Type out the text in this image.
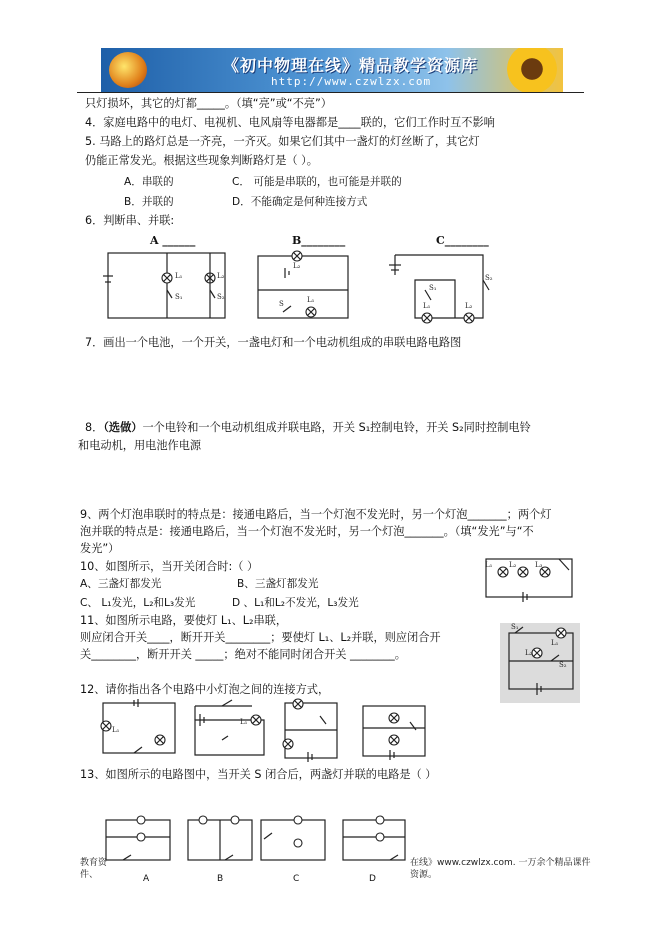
《初中物理在线》精品教学资源库
http://www.czwlzx.com
只灯损坏，其它的灯都_____。（填“亮”或“不亮”）
4．家庭电路中的电灯、电视机、电风扇等电器都是____联的，它们工作时互不影响
5. 马路上的路灯总是一齐亮，一齐灭。如果它们其中一盏灯的灯丝断了，其它灯
仍能正常发光。根据这些现象判断路灯是（ ）。
A．串联的	C． 可能是串联的，也可能是并联的
B．并联的	D．不能确定是何种连接方式
6．判断串、并联:
A ______	B________	C________
L₁	L₂
S₁	S₂
L₂
S	L₁
L₁	L₂
S₁
S₂
7．画出一个电池，一个开关，一盏电灯和一个电动机组成的串联电路电路图
8．（选做）一个电铃和一个电动机组成并联电路，开关 S₁控制电铃，开关 S₂同时控制电铃
和电动机，用电池作电源
9、两个灯泡串联时的特点是：接通电路后，当一个灯泡不发光时，另一个灯泡_______；两个灯
泡并联的特点是：接通电路后，当一个灯泡不发光时，另一个灯泡_______。（填“发光”与“不
发光”）
10、如图所示，当开关闭合时:（ ）
A、三盏灯都发光	B、三盏灯都发光
C、 L₁发光，L₂和L₃发光	D 、L₁和L₂不发光，L₃发光
L₁ L₂	L₃
11、如图所示电路，要使灯 L₁、L₂串联，
则应闭合开关____，断开开关________；要使灯 L₁、L₂并联，则应闭合开
关________，断开开关 _____；绝对不能同时闭合开关 ________。
S₁
L₁
L₂
S₂
12、请你指出各个电路中小灯泡之间的连接方式，
L₁
L₁
13、如图所示的电路图中，当开关 S 闭合后，两盏灯并联的电路是（ ）
A	B	C	D
教育资
件、
在线》www.czwlzx.com. 一万余个精品课件
资源。
